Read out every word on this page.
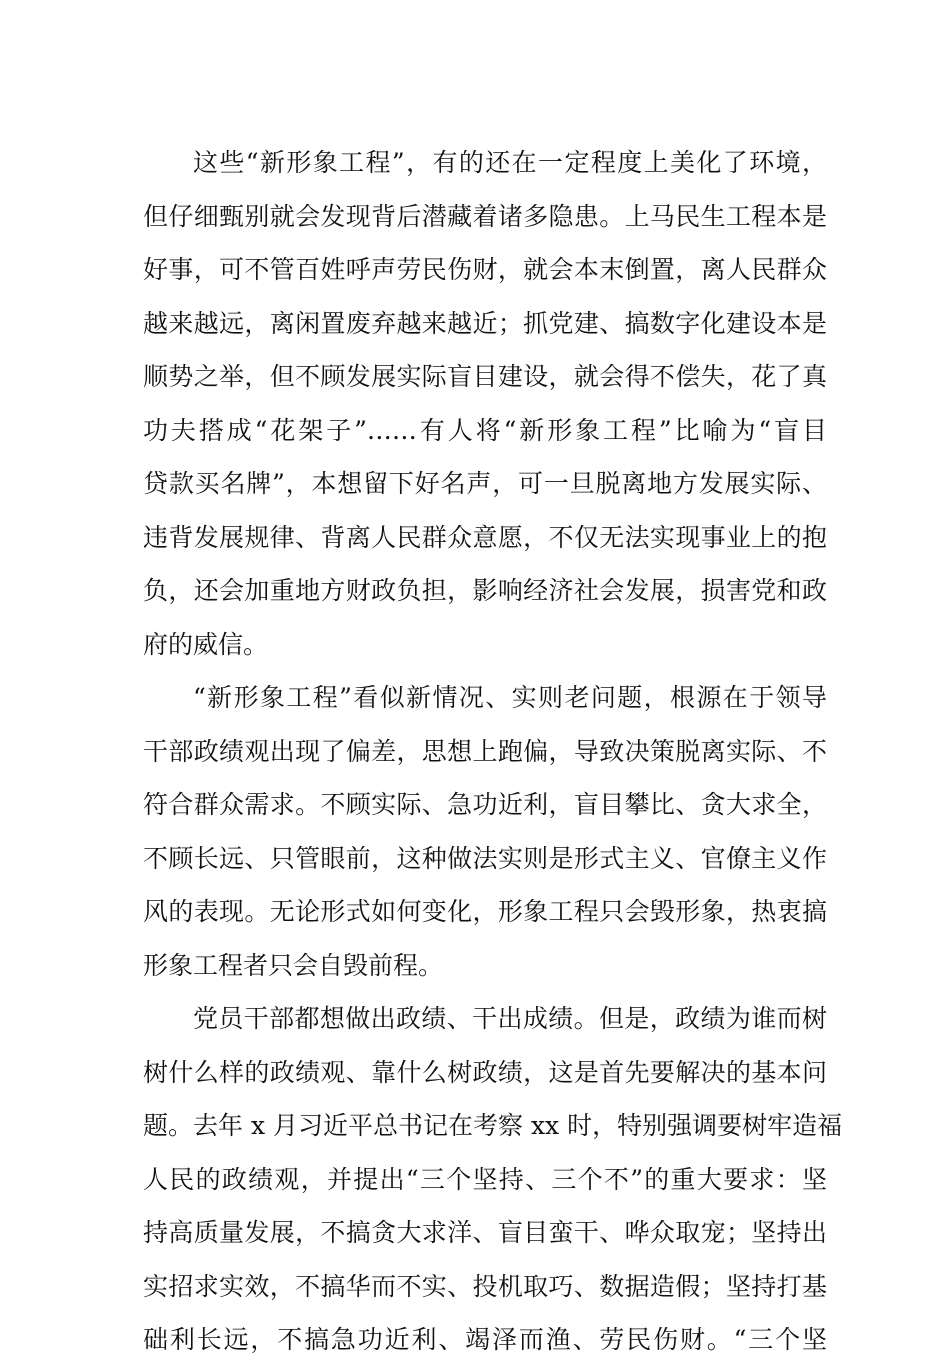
这些“新形象工程”，有的还在一定程度上美化了环境，
但仔细甄别就会发现背后潜藏着诸多隐患。上马民生工程本是
好事，可不管百姓呼声劳民伤财，就会本末倒置，离人民群众
越来越远，离闲置废弃越来越近；抓党建、搞数字化建设本是
顺势之举，但不顾发展实际盲目建设，就会得不偿失，花了真
功夫搭成“花架子”……有人将“新形象工程”比喻为“盲目
贷款买名牌”，本想留下好名声，可一旦脱离地方发展实际、
违背发展规律、背离人民群众意愿，不仅无法实现事业上的抱
负，还会加重地方财政负担，影响经济社会发展，损害党和政
府的威信。
“新形象工程”看似新情况、实则老问题，根源在于领导
干部政绩观出现了偏差，思想上跑偏，导致决策脱离实际、不
符合群众需求。不顾实际、急功近利，盲目攀比、贪大求全，
不顾长远、只管眼前，这种做法实则是形式主义、官僚主义作
风的表现。无论形式如何变化，形象工程只会毁形象，热衷搞
形象工程者只会自毁前程。
党员干部都想做出政绩、干出成绩。但是，政绩为谁而树
树什么样的政绩观、靠什么树政绩，这是首先要解决的基本问
题。去年 x 月习近平总书记在考察 xx 时，特别强调要树牢造福
人民的政绩观，并提出“三个坚持、三个不”的重大要求：坚
持高质量发展，不搞贪大求洋、盲目蛮干、哗众取宠；坚持出
实招求实效，不搞华而不实、投机取巧、数据造假；坚持打基
础利长远，不搞急功近利、竭泽而渔、劳民伤财。“三个坚
